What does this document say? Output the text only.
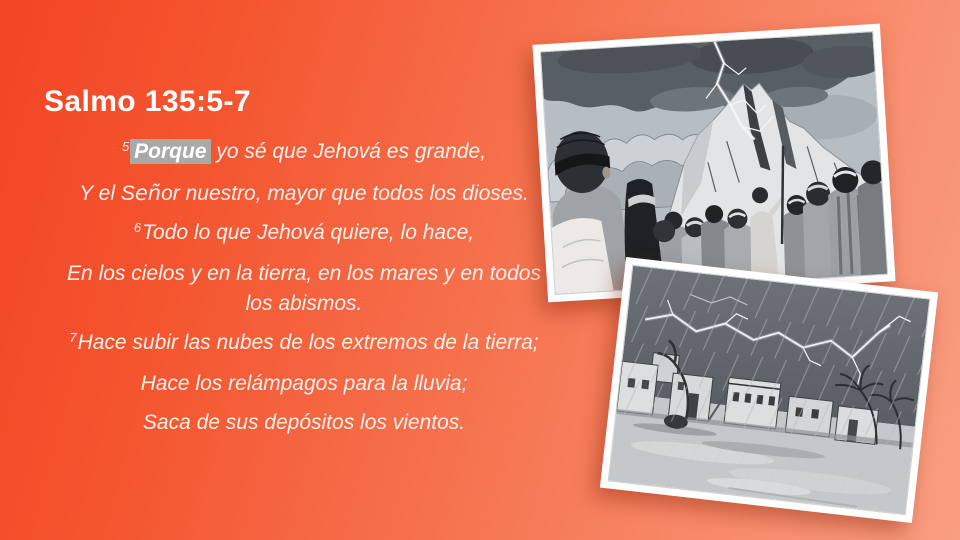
Salmo 135:5-7

$^5$ Porque yo sé que Jehová es grande,

Y el Señor nuestro, mayor que todos los dioses.

$^6$Todo lo que Jehová quiere, lo hace,

En los cielos y en la tierra, en los mares y en todos los abismos.

$^7$Hace subir las nubes de los extremos de la tierra;

Hace los relámpagos para la lluvia;

Saca de sus depósitos los vientos.
